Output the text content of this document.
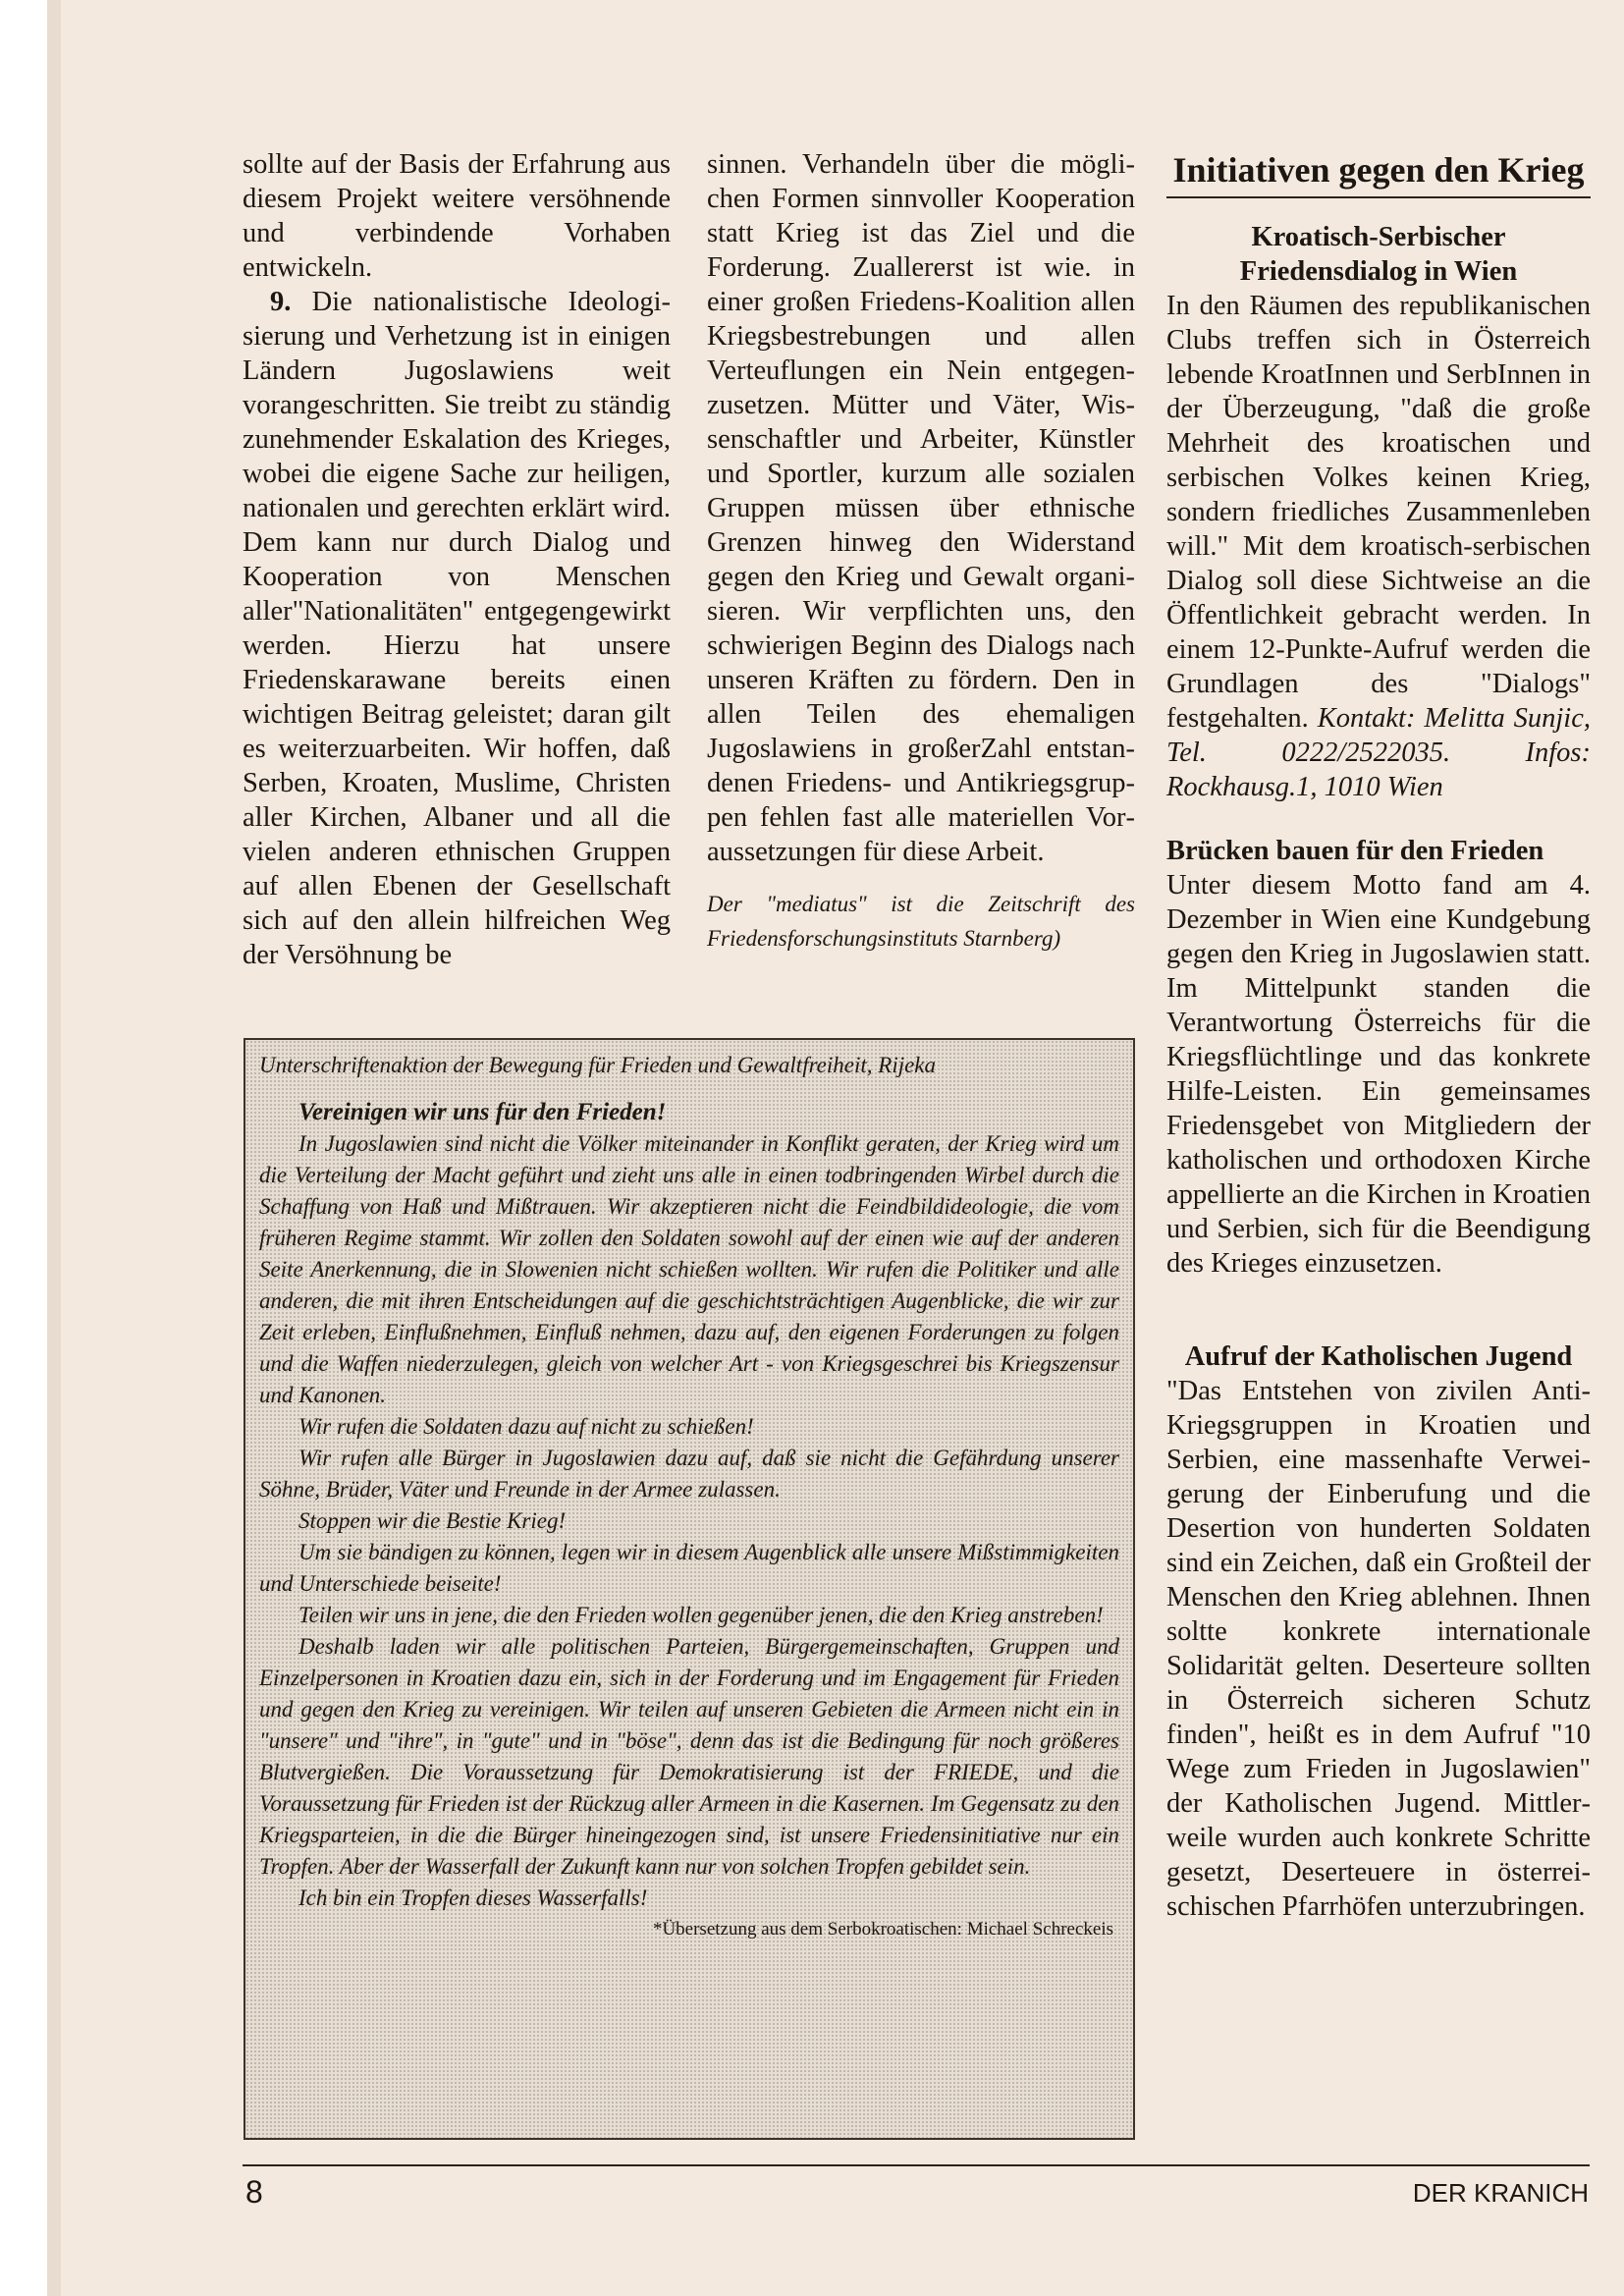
sollte auf der Basis der Erfahrung aus diesem Projekt weitere versöhnende und verbindende Vorhaben entwickeln.

9. Die nationalistische Ideologisierung und Verhetzung ist in einigen Ländern Jugoslawiens weit vorangeschritten. Sie treibt zu ständig zunehmender Eskalation des Krieges, wobei die eigene Sache zur heiligen, nationalen und gerechten erklärt wird. Dem kann nur durch Dialog und Kooperation von Menschen aller"Nationalitäten" entgegengewirkt werden. Hierzu hat unsere Friedenskarawane bereits einen wichtigen Beitrag geleistet; daran gilt es weiterzuarbeiten. Wir hoffen, daß Serben, Kroaten, Muslime, Christen aller Kirchen, Albaner und all die vielen anderen ethnischen Gruppen auf allen Ebenen der Gesellschaft sich auf den allein hilfreichen Weg der Versöhnung be

sinnen. Verhandeln über die möglichen Formen sinnvoller Kooperation statt Krieg ist das Ziel und die Forderung. Zuallererst ist wie. in einer großen Friedens-Koalition allen Kriegsbestrebungen und allen Verteuflungen ein Nein entgegenzusetzen. Mütter und Väter, Wissenschaftler und Arbeiter, Künstler und Sportler, kurzum alle sozialen Gruppen müssen über ethnische Grenzen hinweg den Widerstand gegen den Krieg und Gewalt organisieren. Wir verpflichten uns, den schwierigen Beginn des Dialogs nach unseren Kräften zu fördern. Den in allen Teilen des ehemaligen Jugoslawiens in großerZahl entstandenen Friedens- und Antikriegsgruppen fehlen fast alle materiellen Voraussetzungen für diese Arbeit.

Der "mediatus" ist die Zeitschrift des Friedensforschungsinstituts Starnberg)

Unterschriftenaktion der Bewegung für Frieden und Gewaltfreiheit, Rijeka

Vereinigen wir uns für den Frieden!

In Jugoslawien sind nicht die Völker miteinander in Konflikt geraten, der Krieg wird um die Verteilung der Macht geführt und zieht uns alle in einen todbringenden Wirbel durch die Schaffung von Haß und Mißtrauen. Wir akzeptieren nicht die Feindbildideologie, die vom früheren Regime stammt. Wir zollen den Soldaten sowohl auf der einen wie auf der anderen Seite Anerkennung, die in Slowenien nicht schießen wollten. Wir rufen die Politiker und alle anderen, die mit ihren Entscheidungen auf die geschichtsträchtigen Augenblicke, die wir zur Zeit erleben, Einflußnehmen, Einfluß nehmen, dazu auf, den eigenen Forderungen zu folgen und die Waffen niederzulegen, gleich von welcher Art - von Kriegsgeschrei bis Kriegszensur und Kanonen.

Wir rufen die Soldaten dazu auf nicht zu schießen!

Wir rufen alle Bürger in Jugoslawien dazu auf, daß sie nicht die Gefährdung unserer Söhne, Brüder, Väter und Freunde in der Armee zulassen.

Stoppen wir die Bestie Krieg!

Um sie bändigen zu können, legen wir in diesem Augenblick alle unsere Mißstimmigkeiten und Unterschiede beiseite!

Teilen wir uns in jene, die den Frieden wollen gegenüber jenen, die den Krieg anstreben!

Deshalb laden wir alle politischen Parteien, Bürgergemeinschaften, Gruppen und Einzelpersonen in Kroatien dazu ein, sich in der Forderung und im Engagement für Frieden und gegen den Krieg zu vereinigen. Wir teilen auf unseren Gebieten die Armeen nicht ein in "unsere" und "ihre", in "gute" und in "böse", denn das ist die Bedingung für noch größeres Blutvergießen. Die Voraussetzung für Demokratisierung ist der FRIEDE, und die Voraussetzung für Frieden ist der Rückzug aller Armeen in die Kasernen. Im Gegensatz zu den Kriegsparteien, in die die Bürger hineingezogen sind, ist unsere Friedensinitiative nur ein Tropfen. Aber der Wasserfall der Zukunft kann nur von solchen Tropfen gebildet sein.

Ich bin ein Tropfen dieses Wasserfalls!

*Übersetzung aus dem Serbokroatischen: Michael Schreckeis

Initiativen gegen den Krieg

Kroatisch-Serbischer Friedensdialog in Wien

In den Räumen des republikanischen Clubs treffen sich in Österreich lebende KroatInnen und SerbInnen in der Überzeugung, "daß die große Mehrheit des kroatischen und serbischen Volkes keinen Krieg, sondern friedliches Zusammenleben will." Mit dem kroatisch-serbischen Dialog soll diese Sichtweise an die Öffentlichkeit gebracht werden. In einem 12-Punkte-Aufruf werden die Grundlagen des "Dialogs" festgehalten. Kontakt: Melitta Sunjic, Tel. 0222/2522035. Infos: Rockhausg.1, 1010 Wien

Brücken bauen für den Frieden

Unter diesem Motto fand am 4. Dezember in Wien eine Kundgebung gegen den Krieg in Jugoslawien statt. Im Mittelpunkt standen die Verantwortung Österreichs für die Kriegsflüchtlinge und das konkrete Hilfe-Leisten. Ein gemeinsames Friedensgebet von Mitgliedern der katholischen und orthodoxen Kirche appellierte an die Kirchen in Kroatien und Serbien, sich für die Beendigung des Krieges einzusetzen.

Aufruf der Katholischen Jugend

"Das Entstehen von zivilen Anti-Kriegsgruppen in Kroatien und Serbien, eine massenhafte Verweigerung der Einberufung und die Desertion von hunderten Soldaten sind ein Zeichen, daß ein Großteil der Menschen den Krieg ablehnen. Ihnen soltte konkrete internationale Solidarität gelten. Deserteure sollten in Österreich sicheren Schutz finden", heißt es in dem Aufruf "10 Wege zum Frieden in Jugoslawien" der Katholischen Jugend. Mittlerweile wurden auch konkrete Schritte gesetzt, Deserteuere in österreischischen Pfarrhöfen unterzubringen.

8	DER KRANICH
